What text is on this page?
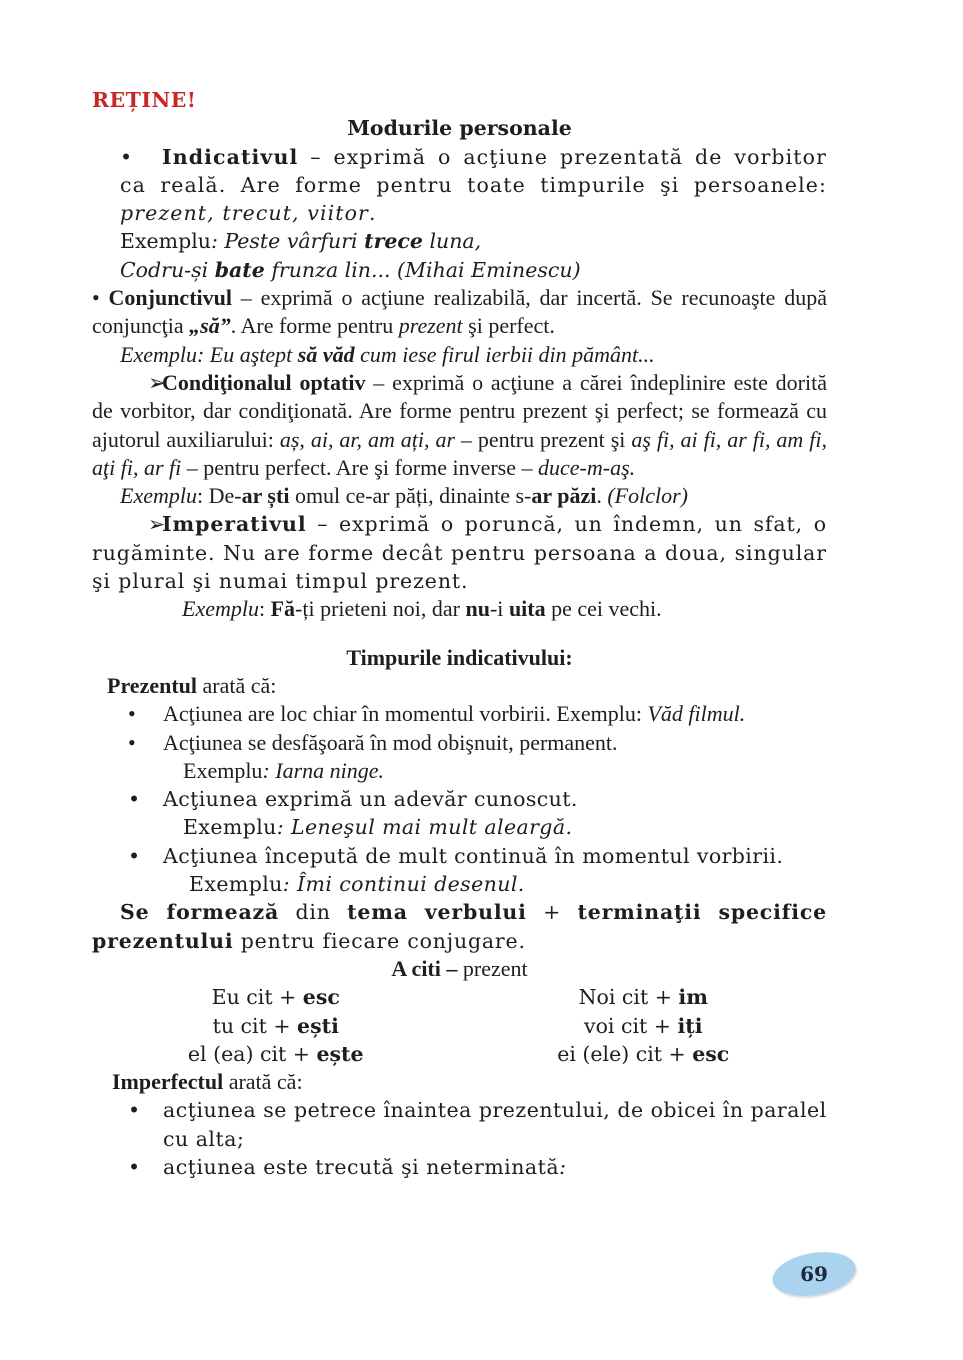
REȚINE!

Modurile personale

• Indicativul – exprimă o acţiune prezentată de vorbitor ca reală. Are forme pentru toate timpurile şi persoanele: prezent, trecut, viitor.

Exemplu: Peste vârfuri trece luna,

Codru-și bate frunza lin... (Mihai Eminescu)

• Conjunctivul – exprimă o acţiune realizabilă, dar incertă. Se recunoaşte după conjuncţia „să”. Are forme pentru prezent şi perfect.

Exemplu: Eu aştept să văd cum iese firul ierbii din pământ...

➢Condiţionalul optativ – exprimă o acţiune a cărei îndeplinire este dorită de vorbitor, dar condiţionată. Are forme pentru prezent şi perfect; se formează cu ajutorul auxiliarului: aș, ai, ar, am ați, ar – pentru prezent şi aş fi, ai fi, ar fi, am fi, aţi fi, ar fi – pentru perfect. Are şi forme inverse – duce-m-aş.

Exemplu: De-ar ști omul ce-ar păți, dinainte s-ar păzi. (Folclor)

➢Imperativul – exprimă o poruncă, un îndemn, un sfat, o rugăminte. Nu are forme decât pentru persoana a doua, singular şi plural şi numai timpul prezent.

Exemplu: Fă-ți prieteni noi, dar nu-i uita pe cei vechi.

Timpurile indicativului:

Prezentul arată că:

• Acţiunea are loc chiar în momentul vorbirii. Exemplu: Văd filmul.
• Acţiunea se desfăşoară în mod obişnuit, permanent.
Exemplu: Iarna ninge.
• Acţiunea exprimă un adevăr cunoscut.
Exemplu: Leneşul mai mult aleargă.
• Acţiunea începută de mult continuă în momentul vorbirii.
Exemplu: Îmi continui desenul.

Se formează din tema verbului + terminaţii specifice prezentului pentru fiecare conjugare.

A citi – prezent

Eu cit + esc	Noi cit + im
tu cit + ești	voi cit + iți
el (ea) cit + ește	ei (ele) cit + esc

Imperfectul arată că:

• acţiunea se petrece înaintea prezentului, de obicei în paralel cu alta;
• acţiunea este trecută şi neterminată:
69
